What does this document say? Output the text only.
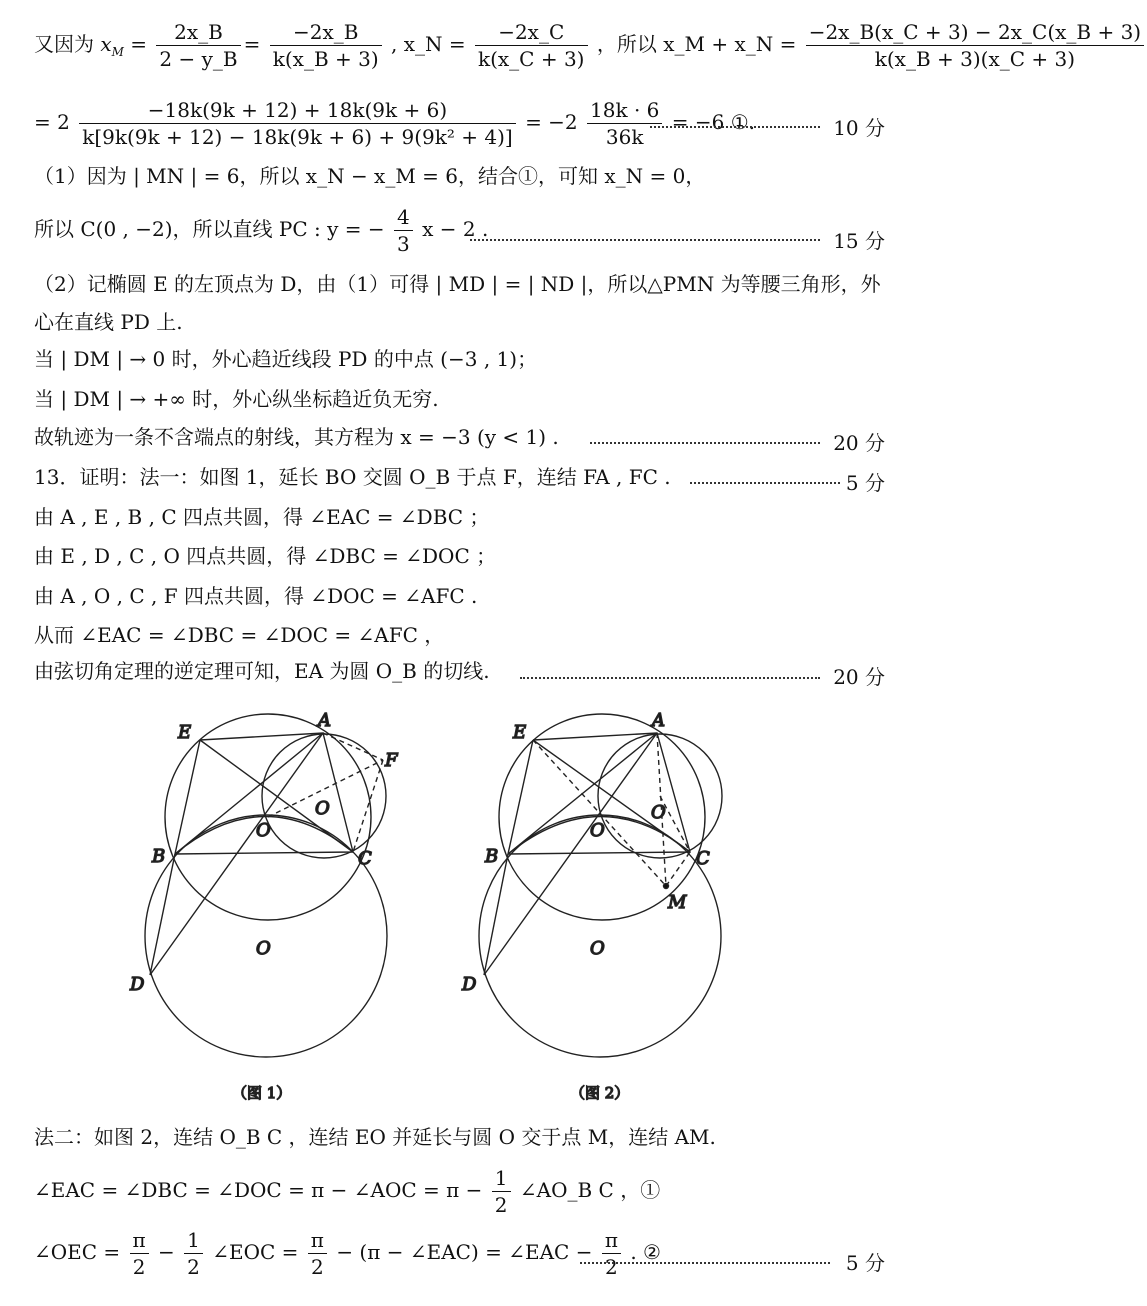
又因为 $x_M = \frac{2x\_B}{2 - y\_B} = \frac{-2x\_B}{k(x\_B + 3)}$ , x_N = $\frac{-2x\_C}{k(x\_C + 3)}$ ，所以 x_M + x_N = $\frac{-2x\_B(x\_C + 3) - 2x\_C(x\_B + 3)}{k(x\_B + 3)(x\_C + 3)}$
= $2 \frac{-18k(9k + 12) + 18k(9k + 6)}{\text{k[9k(9k + 12) − 18k(9k + 6) + 9(9k² + 4)]}} = -2 \frac{18k \cdot 6}{36k} = -6$ ①.	10 分
（1）因为 | MN | = 6，所以 x_N − x_M = 6，结合①，可知 x_N = 0，
所以 C(0 , −2)，所以直线 PC : y = − $\frac{4}{3}$ x − 2 .	15 分
（2）记椭圆 E 的左顶点为 D，由（1）可得 | MD | = | ND |，所以△PMN 为等腰三角形，外
心在直线 PD 上.
当 | DM | → 0 时，外心趋近线段 PD 的中点 (−3 , 1)；
当 | DM | → +∞ 时，外心纵坐标趋近负无穷.
故轨迹为一条不含端点的射线，其方程为 x = −3 (y < 1) .	20 分
13．证明：法一：如图 1，延长 BO 交圆 O_B 于点 F，连结 FA , FC .	5 分
由 A , E , B , C 四点共圆，得 ∠EAC = ∠DBC ；
由 E , D , C , O 四点共圆，得 ∠DBC = ∠DOC ；
由 A , O , C , F 四点共圆，得 ∠DOC = ∠AFC .
从而 ∠EAC = ∠DBC = ∠DOC = ∠AFC ，
由弦切角定理的逆定理可知，EA 为圆 O_B 的切线.	20 分
E
A
F
O
O
B	C
O
D
（图 1）
E
A
O
O
B	C
M
O
D
（图 2）
法二：如图 2，连结 O_B C ，连结 EO 并延长与圆 O 交于点 M，连结 AM.
∠EAC = ∠DBC = ∠DOC = π − ∠AOC = $\pi - \frac{1}{2}$ ∠AO_B C ，①
∠OEC = $\frac{\pi}{2} - \frac{1}{2}$ ∠EOC = $\frac{\pi}{2} - (\pi$ − ∠EAC) = ∠EAC − $\frac{\pi}{2}$ . ②	5 分
